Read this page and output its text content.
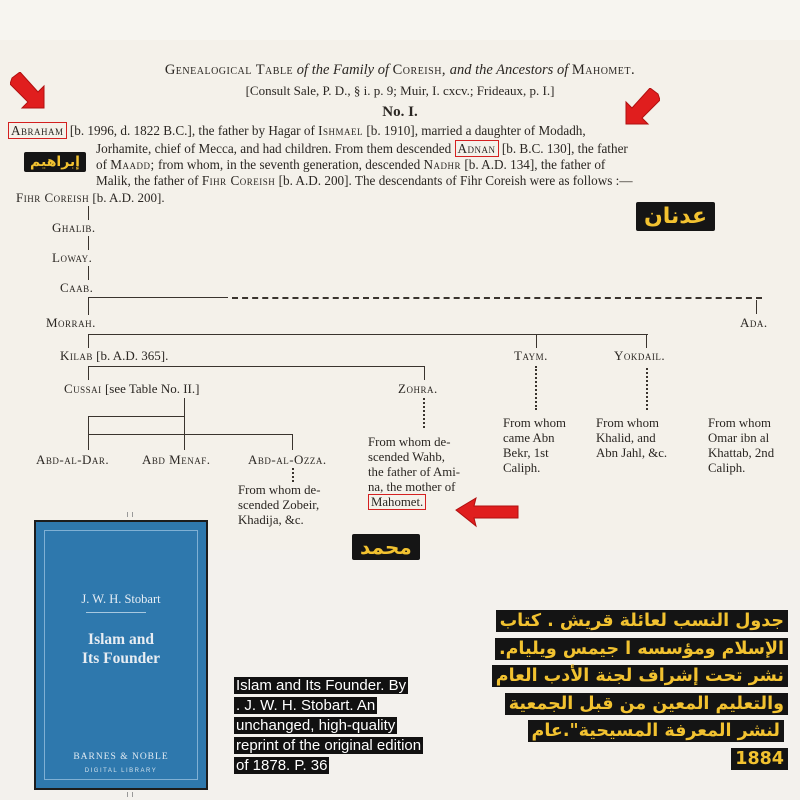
Genealogical Table of the Family of Coreish, and the Ancestors of Mahomet.
[Consult Sale, P. D., § i. p. 9; Muir, I. cxcv.; Frideaux, p. I.]
No. I.
Abraham [b. 1996, d. 1822 B.C.], the father by Hagar of Ishmael [b. 1910], married a daughter of Modadh,
Jorhamite, chief of Mecca, and had children. From them descended Adnan [b. B.C. 130], the father
of Maadd; from whom, in the seventh generation, descended Nadhr [b. A.D. 134], the father of
Malik, the father of Fihr Coreish [b. A.D. 200]. The descendants of Fihr Coreish were as follows :—
إبراهيم
عدنان
محمد
Fihr Coreish [b. A.D. 200].
Ghalib.
Loway.
Caab.
Morrah.	Ada.
Kilab [b. A.D. 365].	Taym.	Yokdail.
Cussai [see Table No. II.]	Zohra.
Abd-al-Dar.	Abd Menaf.	Abd-al-Ozza.
From whom de-
scended Zobeir,
Khadija, &c.
From whom de-
scended Wahb,
the father of Ami-
na, the mother of
Mahomet.
From whom
came Abn
Bekr, 1st
Caliph.
From whom
Khalid, and
Abn Jahl, &c.
From whom
Omar ibn al
Khattab, 2nd
Caliph.
J. W. H. Stobart
Islam and
Its Founder
BARNES & NOBLE
DIGITAL LIBRARY
Islam and Its Founder. By
. J. W. H. Stobart. An
unchanged, high-quality
reprint of the original edition
of 1878. P. 36
جدول النسب لعائلة قريش . كتاب
الإسلام ومؤسسه ا جيمس ويليام.
نشر تحت إشراف لجنة الأدب العام
والتعليم المعين من قبل الجمعية
لنشر المعرفة المسيحية".عام 1884
